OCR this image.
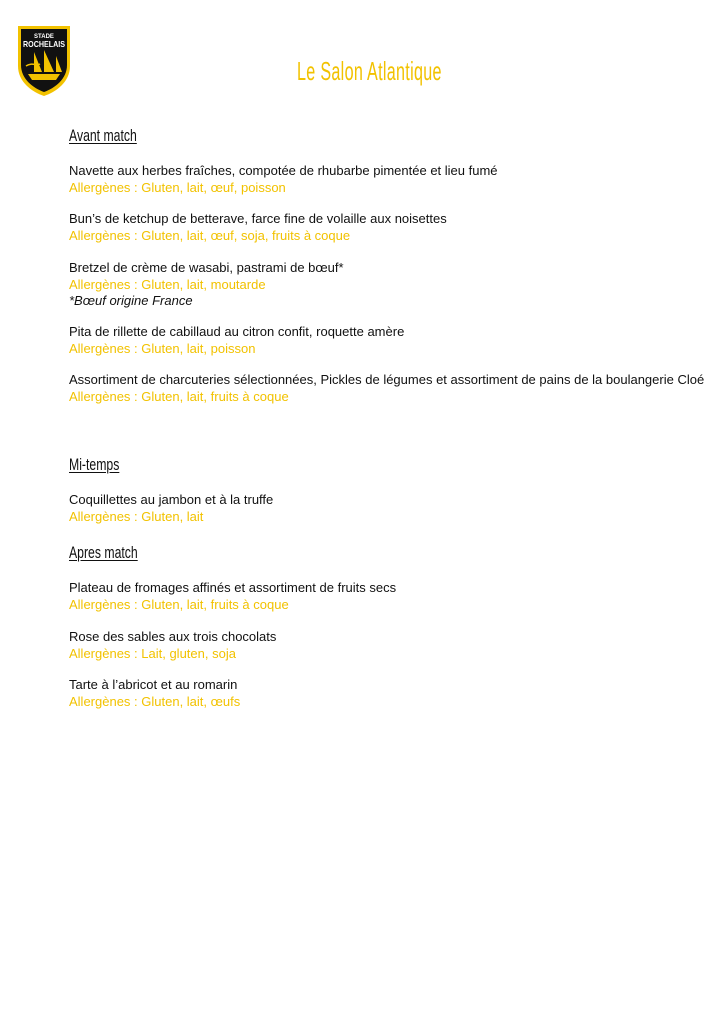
STADE
ROCHELAIS
Le Salon Atlantique
Avant match
Navette aux herbes fraîches, compotée de rhubarbe pimentée et lieu fumé
Allergènes : Gluten, lait, œuf, poisson
Bun’s de ketchup de betterave, farce fine de volaille aux noisettes
Allergènes : Gluten, lait, œuf, soja, fruits à coque
Bretzel de crème de wasabi, pastrami de bœuf*
Allergènes : Gluten, lait, moutarde
*Bœuf origine France
Pita de rillette de cabillaud au citron confit, roquette amère
Allergènes : Gluten, lait, poisson
Assortiment de charcuteries sélectionnées, Pickles de légumes et assortiment de pains de la boulangerie Cloé
Allergènes : Gluten, lait, fruits à coque
Mi-temps
Coquillettes au jambon et à la truffe
Allergènes : Gluten, lait
Apres match
Plateau de fromages affinés et assortiment de fruits secs
Allergènes : Gluten, lait, fruits à coque
Rose des sables aux trois chocolats
Allergènes : Lait, gluten, soja
Tarte à l’abricot et au romarin
Allergènes : Gluten, lait, œufs
